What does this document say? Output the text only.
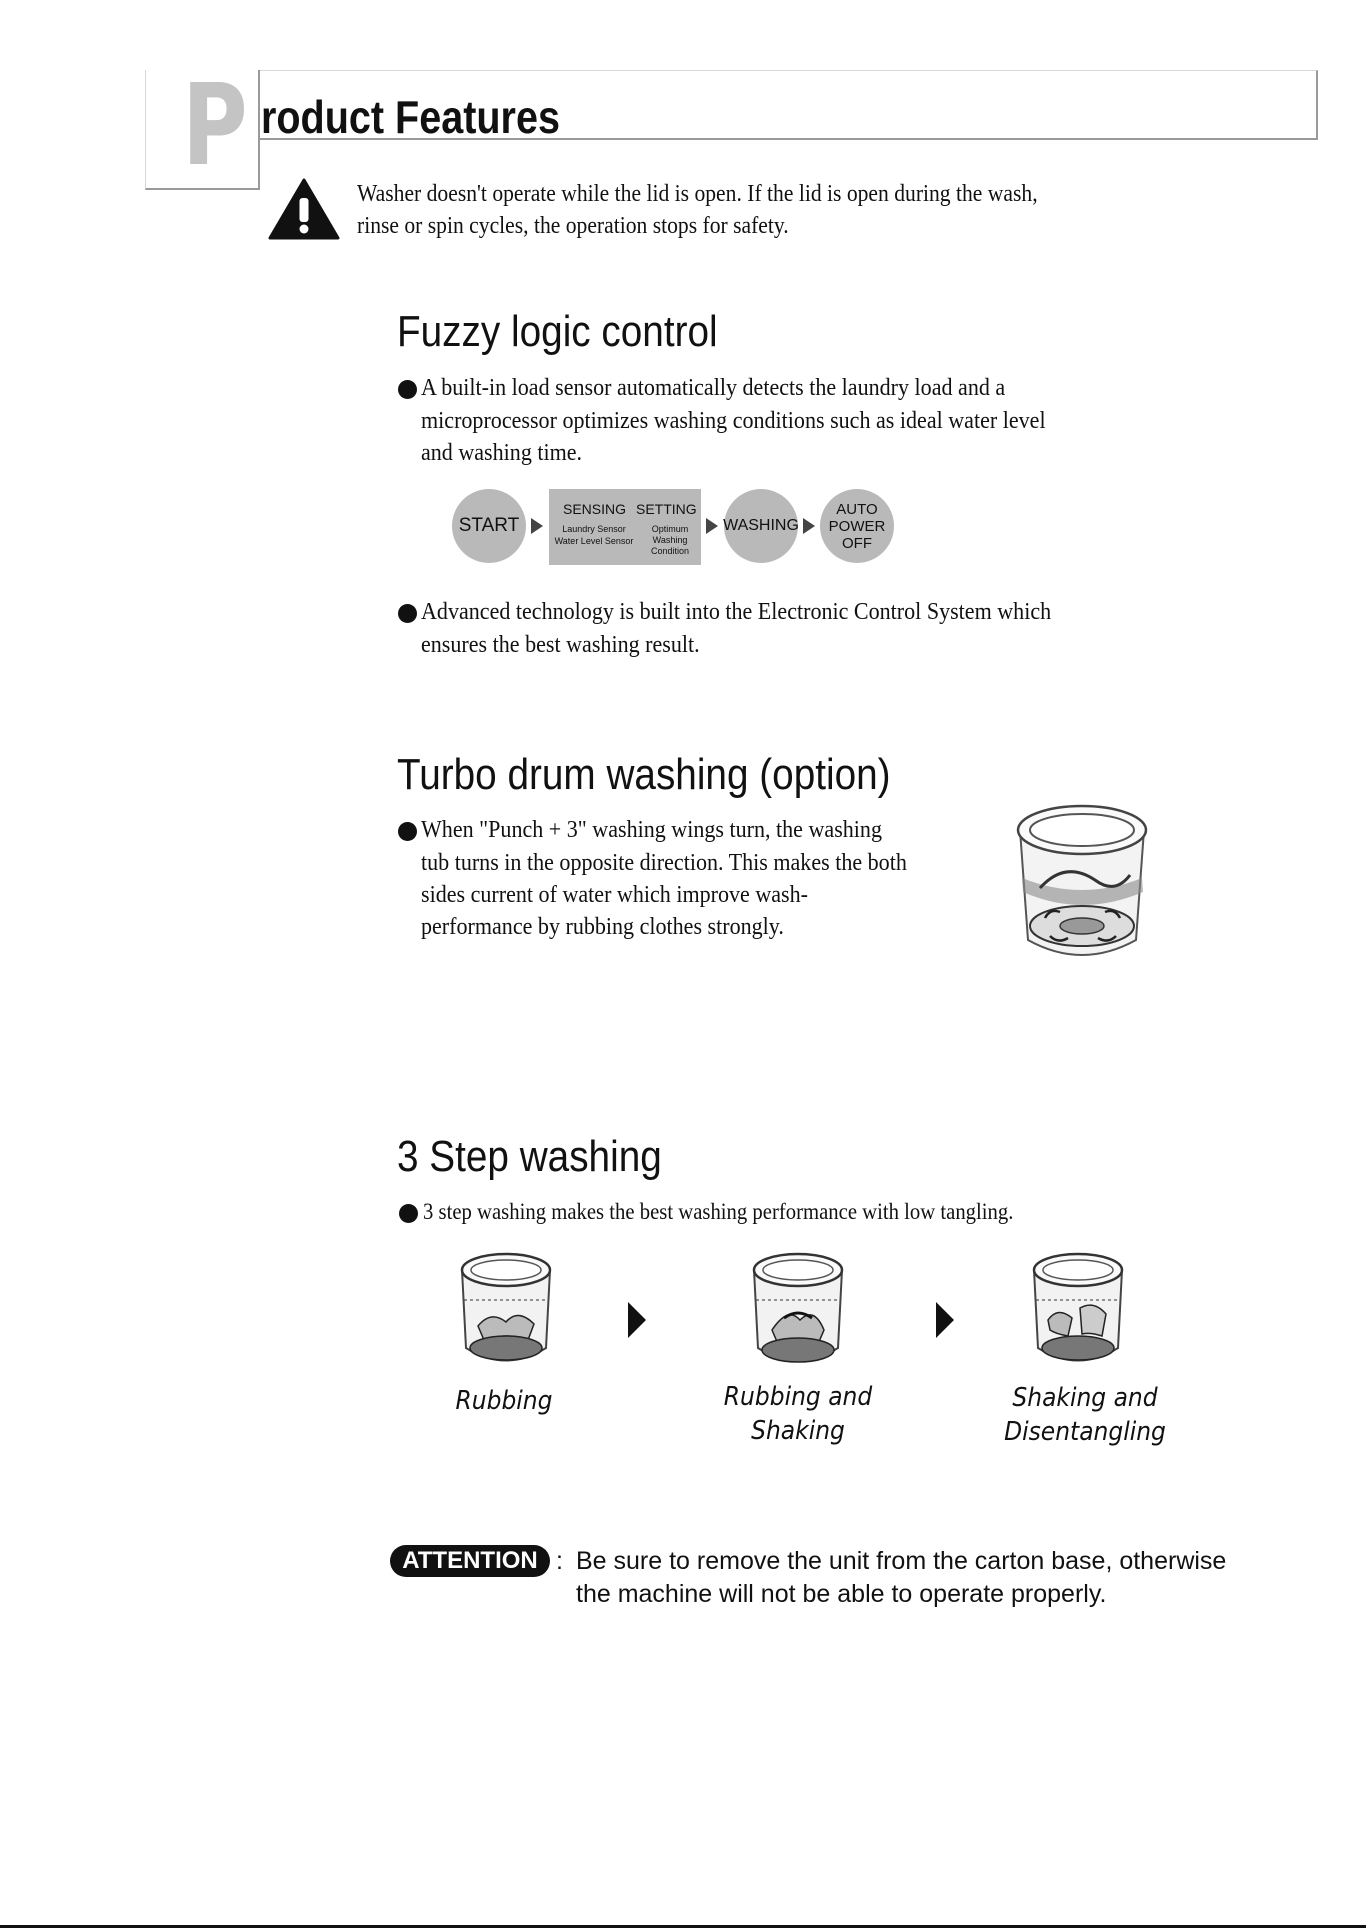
P roduct Features
Washer doesn't operate while the lid is open. If the lid is open during the wash,
rinse or spin cycles, the operation stops for safety.
Fuzzy logic control
A built-in load sensor automatically detects the laundry load and a
microprocessor optimizes washing conditions such as ideal water level
and washing time.
START
SENSING
Laundry Sensor
Water Level Sensor
SETTING
Optimum
Washing
Condition
WASHING
AUTO
POWER
OFF
Advanced technology is built into the Electronic Control System which
ensures the best washing result.
Turbo drum washing (option)
When "Punch + 3" washing wings turn, the washing
tub turns in the opposite direction. This makes the both
sides current of water which improve wash-
performance by rubbing clothes strongly.
3 Step washing
3 step washing makes the best washing performance with low tangling.
Rubbing	Rubbing and
Shaking
Shaking and
Disentangling
ATTENTION : Be sure to remove the unit from the carton base, otherwise
the machine will not be able to operate properly.
